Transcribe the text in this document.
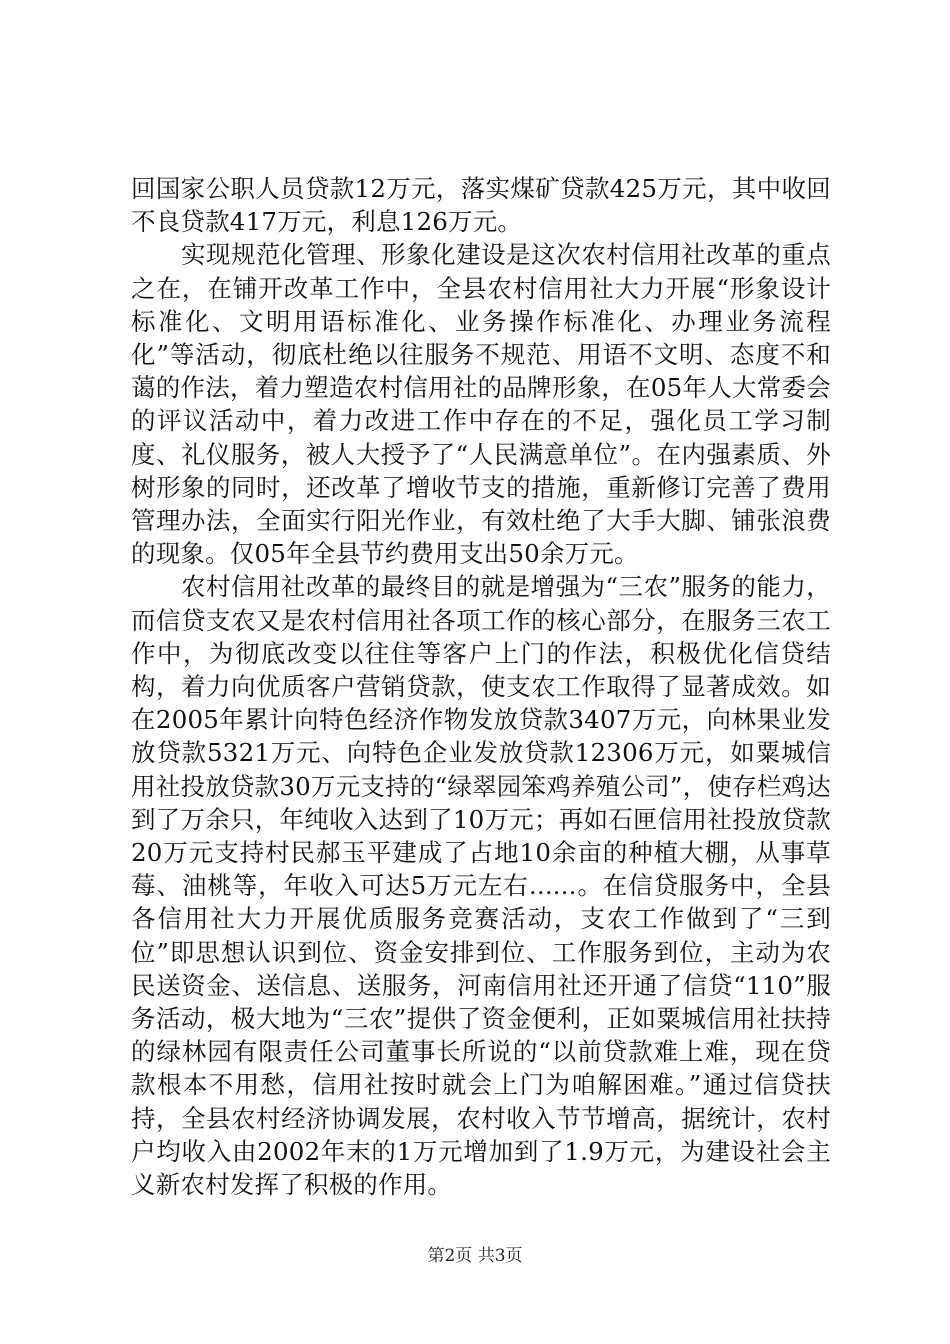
回国家公职人员贷款12万元，落实煤矿贷款425万元，其中收回不良贷款417万元，利息126万元。

实现规范化管理、形象化建设是这次农村信用社改革的重点之在，在铺开改革工作中，全县农村信用社大力开展“形象设计标准化、文明用语标准化、业务操作标准化、办理业务流程化”等活动，彻底杜绝以往服务不规范、用语不文明、态度不和蔼的作法，着力塑造农村信用社的品牌形象，在05年人大常委会的评议活动中，着力改进工作中存在的不足，强化员工学习制度、礼仪服务，被人大授予了“人民满意单位”。在内强素质、外树形象的同时，还改革了增收节支的措施，重新修订完善了费用管理办法，全面实行阳光作业，有效杜绝了大手大脚、铺张浪费的现象。仅05年全县节约费用支出50余万元。

农村信用社改革的最终目的就是增强为“三农”服务的能力，而信贷支农又是农村信用社各项工作的核心部分，在服务三农工作中，为彻底改变以往住等客户上门的作法，积极优化信贷结构，着力向优质客户营销贷款，使支农工作取得了显著成效。如在2005年累计向特色经济作物发放贷款3407万元，向林果业发放贷款5321万元、向特色企业发放贷款12306万元，如粟城信用社投放贷款30万元支持的“绿翠园笨鸡养殖公司”，使存栏鸡达到了万余只，年纯收入达到了10万元；再如石匣信用社投放贷款20万元支持村民郝玉平建成了占地10余亩的种植大棚，从事草莓、油桃等，年收入可达5万元左右......。在信贷服务中，全县各信用社大力开展优质服务竞赛活动，支农工作做到了“三到位”即思想认识到位、资金安排到位、工作服务到位，主动为农民送资金、送信息、送服务，河南信用社还开通了信贷“110”服务活动，极大地为“三农”提供了资金便利，正如粟城信用社扶持的绿林园有限责任公司董事长所说的“以前贷款难上难，现在贷款根本不用愁，信用社按时就会上门为咱解困难。”通过信贷扶持，全县农村经济协调发展，农村收入节节增高，据统计，农村户均收入由2002年末的1万元增加到了1.9万元，为建设社会主义新农村发挥了积极的作用。

第2页 共3页
